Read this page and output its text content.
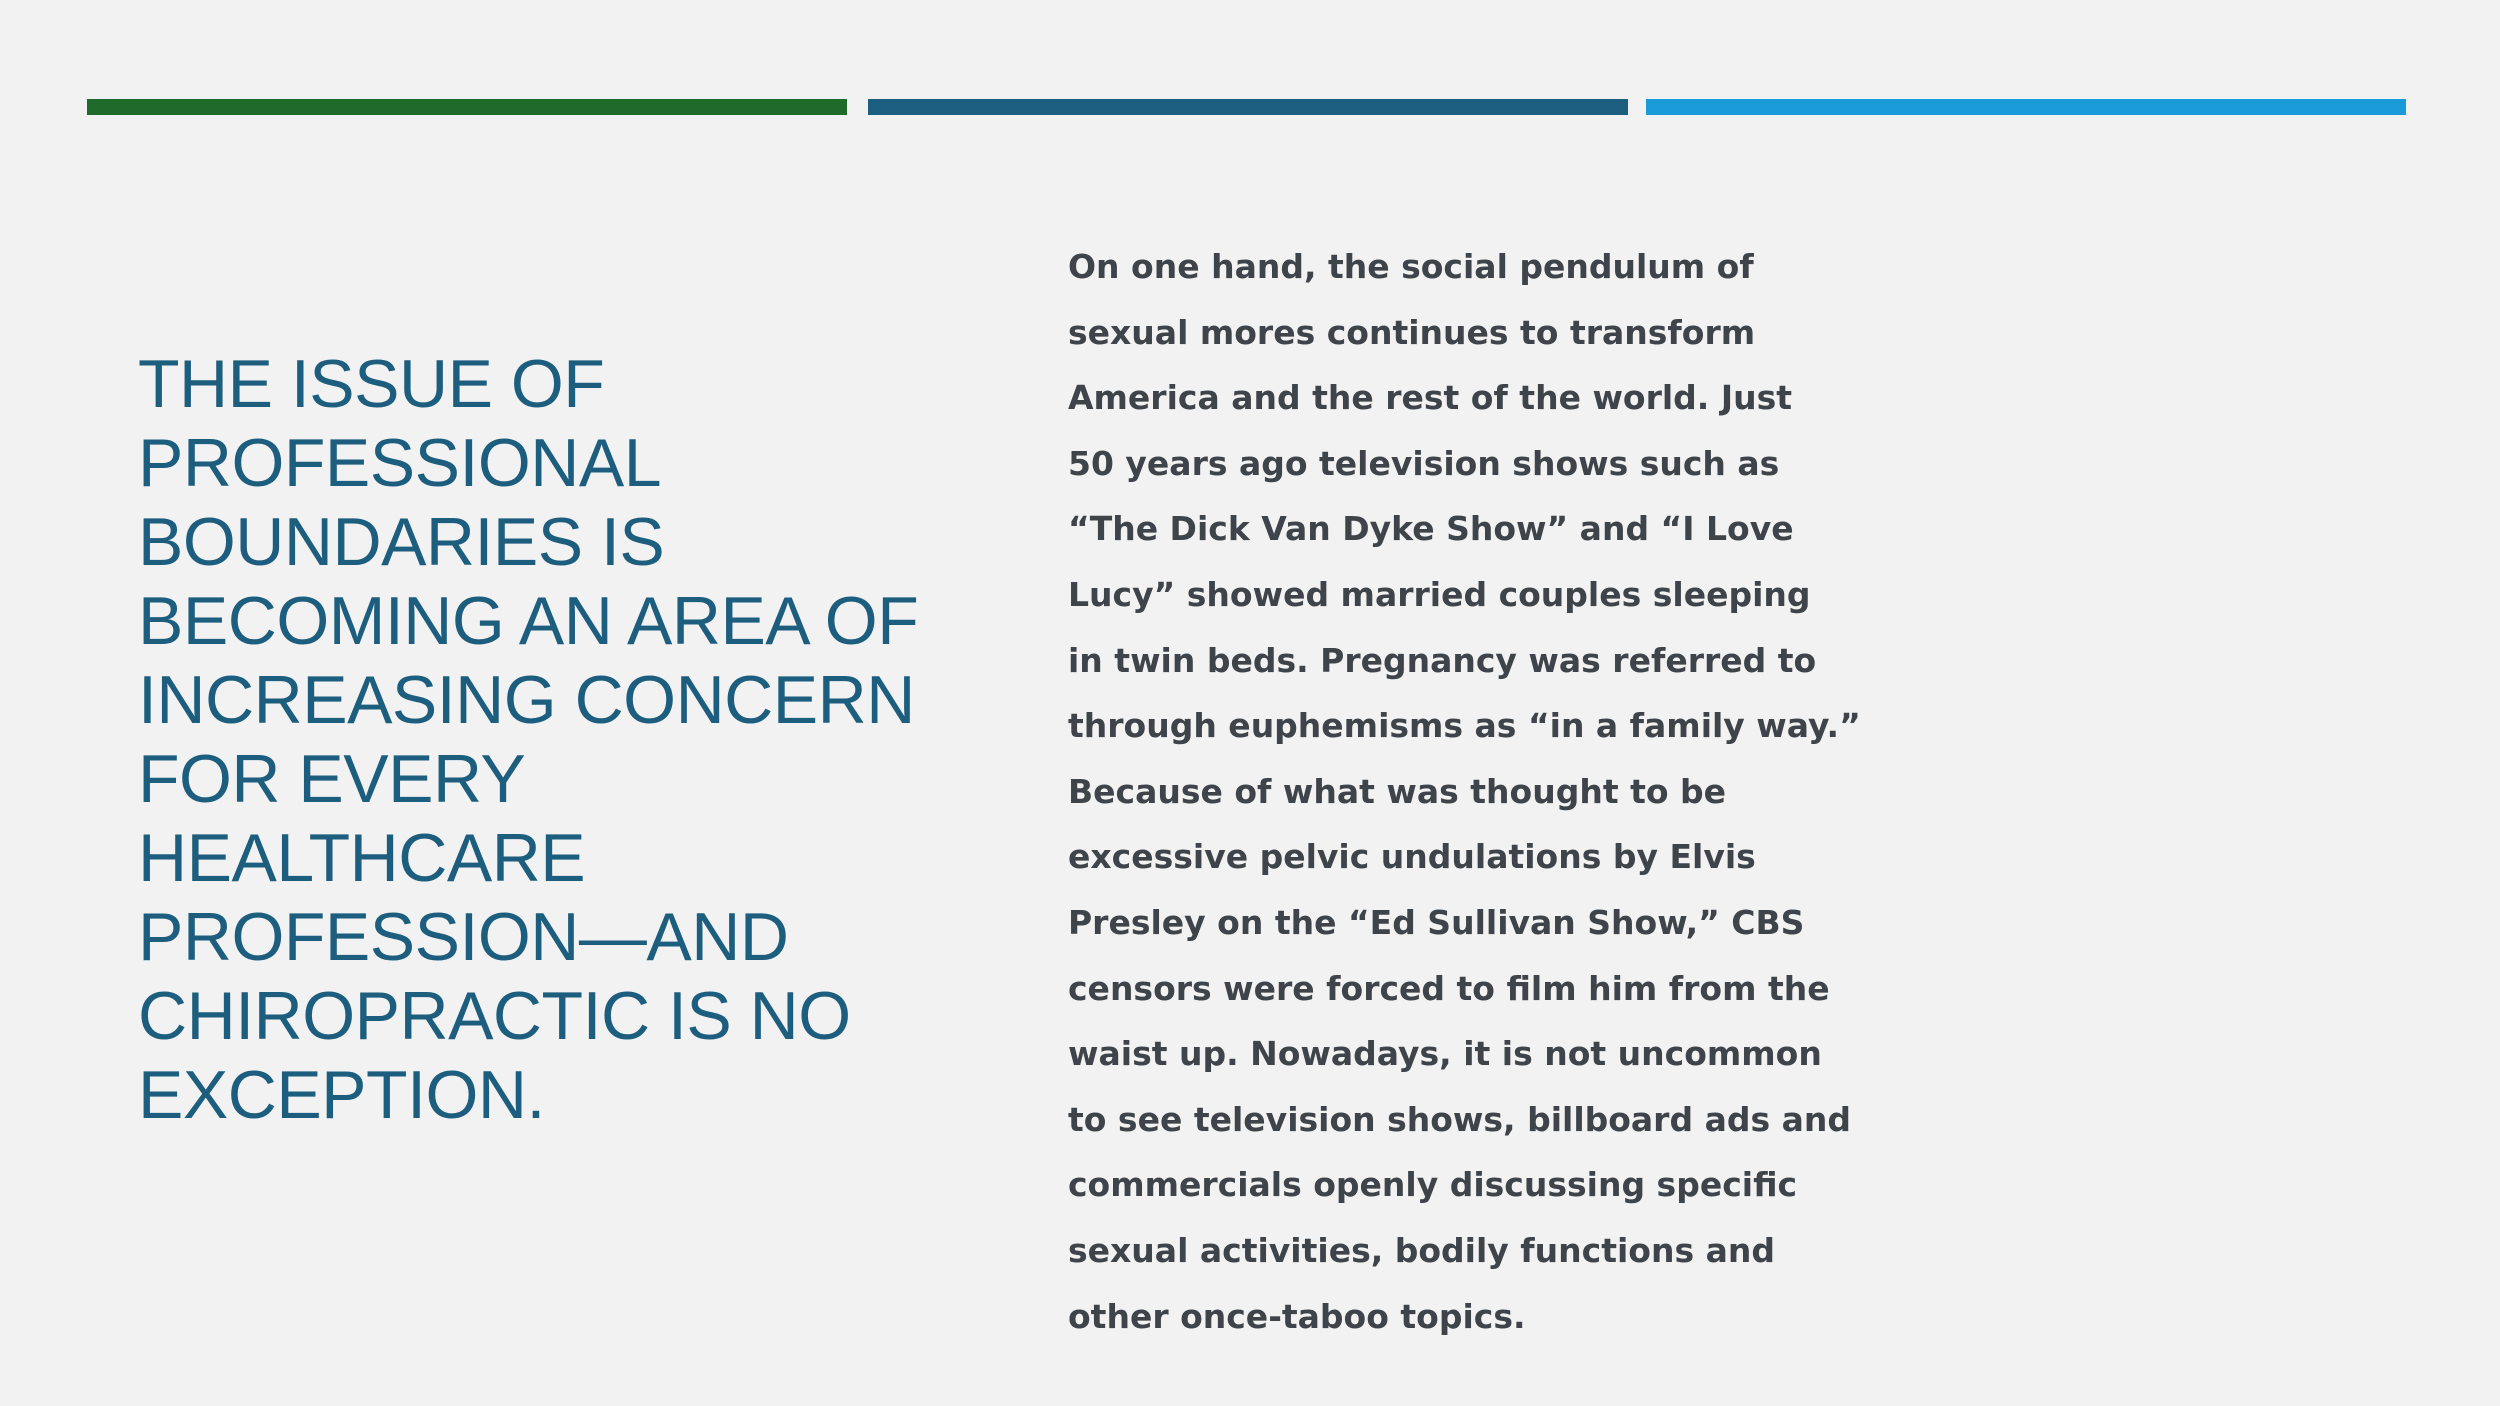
THE ISSUE OF PROFESSIONAL BOUNDARIES IS BECOMING AN AREA OF INCREASING CONCERN FOR EVERY HEALTHCARE PROFESSION—AND CHIROPRACTIC IS NO EXCEPTION.
On one hand, the social pendulum of
sexual mores continues to transform
America and the rest of the world. Just
50 years ago television shows such as
“The Dick Van Dyke Show” and “I Love
Lucy” showed married couples sleeping
in twin beds. Pregnancy was referred to
through euphemisms as “in a family way.”
Because of what was thought to be
excessive pelvic undulations by Elvis
Presley on the “Ed Sullivan Show,” CBS
censors were forced to film him from the
waist up. Nowadays, it is not uncommon
to see television shows, billboard ads and
commercials openly discussing specific
sexual activities, bodily functions and
other once-taboo topics.
